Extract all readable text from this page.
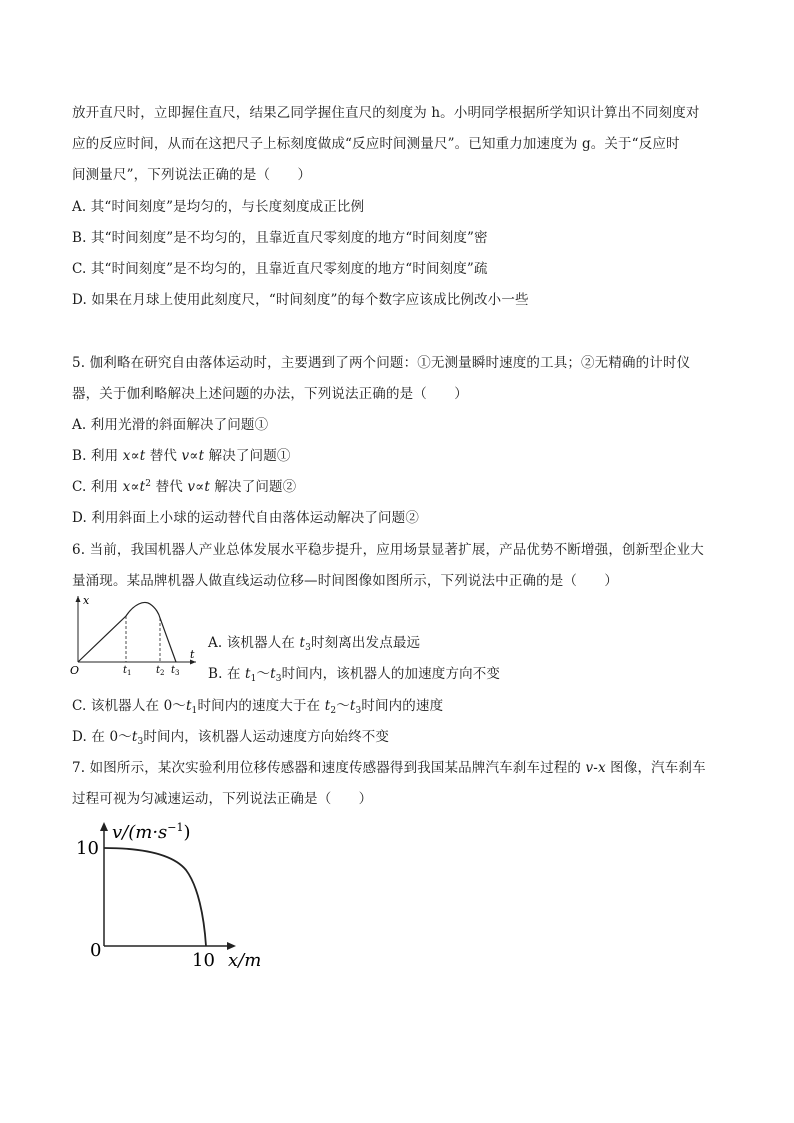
放开直尺时，立即握住直尺，结果乙同学握住直尺的刻度为 h。小明同学根据所学知识计算出不同刻度对
应的反应时间，从而在这把尺子上标刻度做成“反应时间测量尺”。已知重力加速度为 g。关于“反应时
间测量尺”，下列说法正确的是（　　）
A. 其“时间刻度”是均匀的，与长度刻度成正比例
B. 其“时间刻度”是不均匀的，且靠近直尺零刻度的地方“时间刻度”密
C. 其“时间刻度”是不均匀的，且靠近直尺零刻度的地方“时间刻度”疏
D. 如果在月球上使用此刻度尺，“时间刻度”的每个数字应该成比例改小一些
5. 伽利略在研究自由落体运动时，主要遇到了两个问题：①无测量瞬时速度的工具；②无精确的计时仪
器，关于伽利略解决上述问题的办法，下列说法正确的是（　　）
A. 利用光滑的斜面解决了问题①
B. 利用 x∝t 替代 v∝t 解决了问题①
C. 利用 $x\propto t^2$ 替代 v∝t 解决了问题②
D. 利用斜面上小球的运动替代自由落体运动解决了问题②
6. 当前，我国机器人产业总体发展水平稳步提升，应用场景显著扩展，产品优势不断增强，创新型企业大
量涌现。某品牌机器人做直线运动位移—时间图像如图所示，下列说法中正确的是（　　）
x
O	$t_1$ $t_2$ $t_3$
t
A. 该机器人在 $t_3$时刻离出发点最远
B. 在 $t_1\sim t_3$时间内，该机器人的加速度方向不变
C. 该机器人在 $0\sim t_1$时间内的速度大于在 $t_2\sim t_3$时间内的速度
D. 在 $0\sim t_3$时间内，该机器人运动速度方向始终不变
7. 如图所示，某次实验利用位移传感器和速度传感器得到我国某品牌汽车刹车过程的 v-x 图像，汽车刹车
过程可视为匀减速运动，下列说法正确是（　　）
$v/(m\cdot s^{-1})$
10
0	10 x/m
